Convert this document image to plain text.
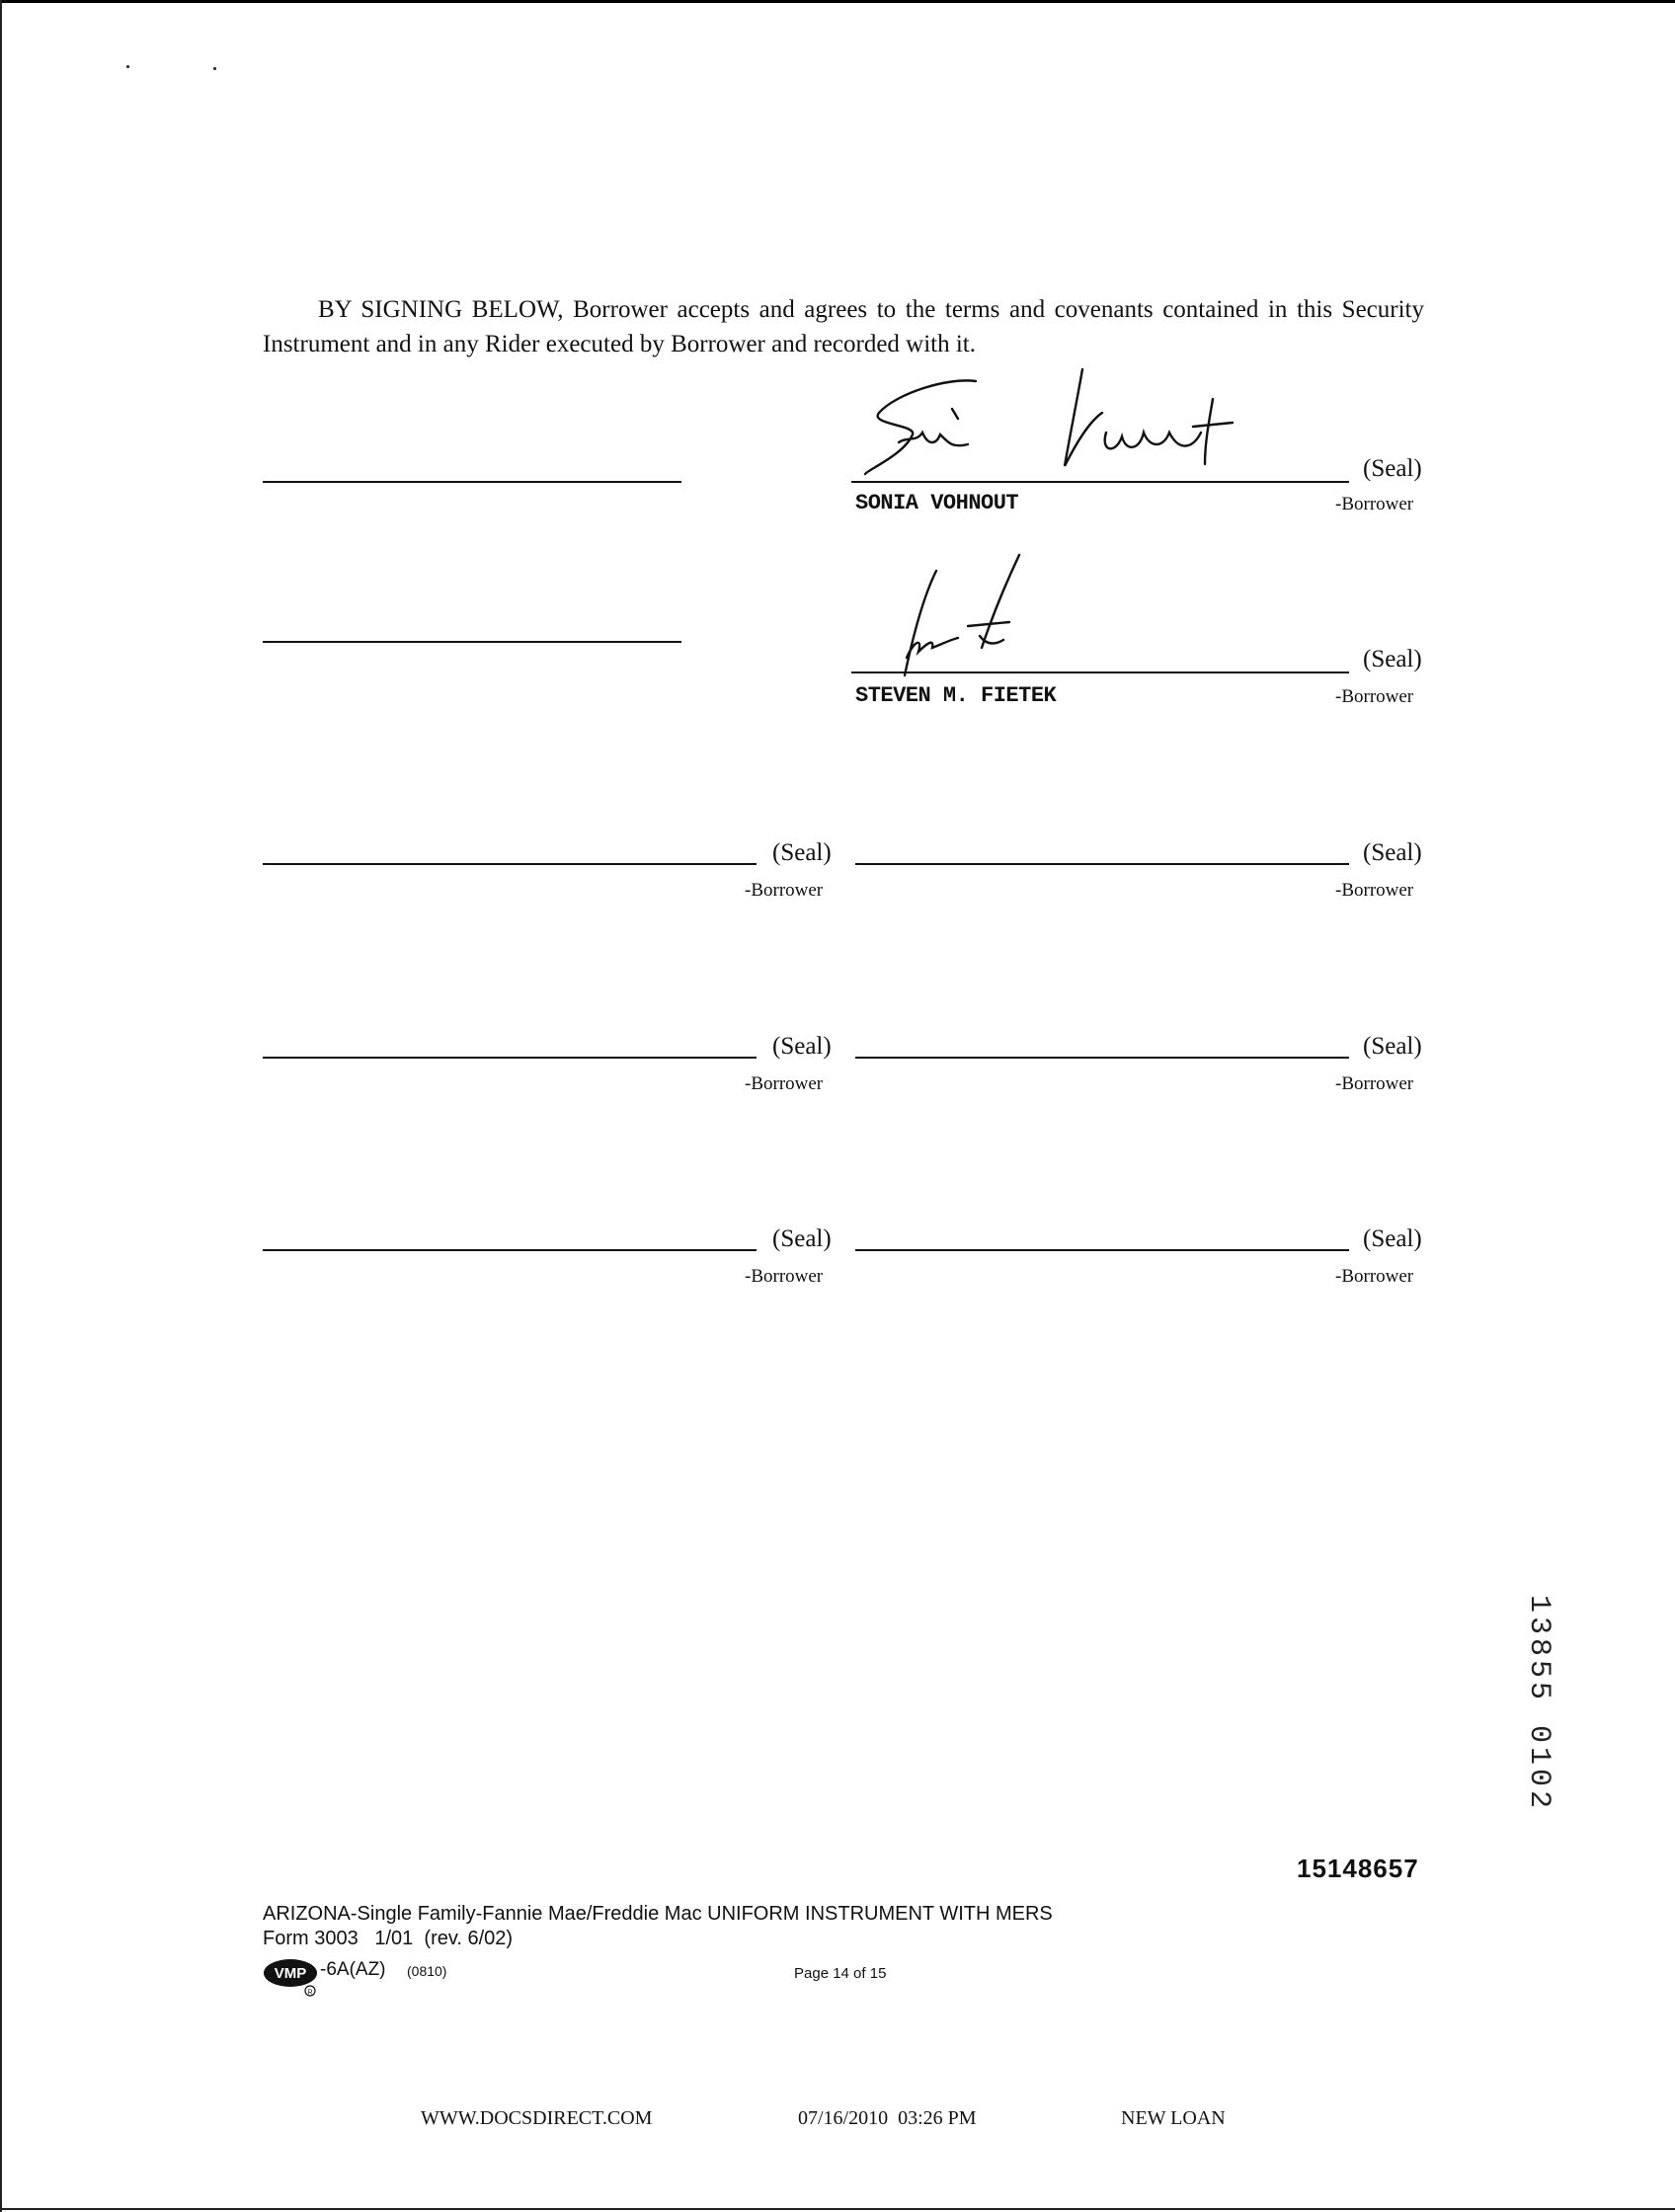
BY SIGNING BELOW, Borrower accepts and agrees to the terms and covenants contained in this Security Instrument and in any Rider executed by Borrower and recorded with it.
(Seal)
SONIA VOHNOUT	-Borrower
(Seal)
STEVEN M. FIETEK	-Borrower
(Seal)
-Borrower
(Seal)
-Borrower
(Seal)
-Borrower
(Seal)
-Borrower
(Seal)
-Borrower
(Seal)
-Borrower
13855 0102
15148657
ARIZONA-Single Family-Fannie Mae/Freddie Mac UNIFORM INSTRUMENT WITH MERS
Form 3003   1/01  (rev. 6/02)
VMP
R
-6A(AZ) (0810)	Page 14 of 15
WWW.DOCSDIRECT.COM	07/16/2010  03:26 PM	NEW LOAN
